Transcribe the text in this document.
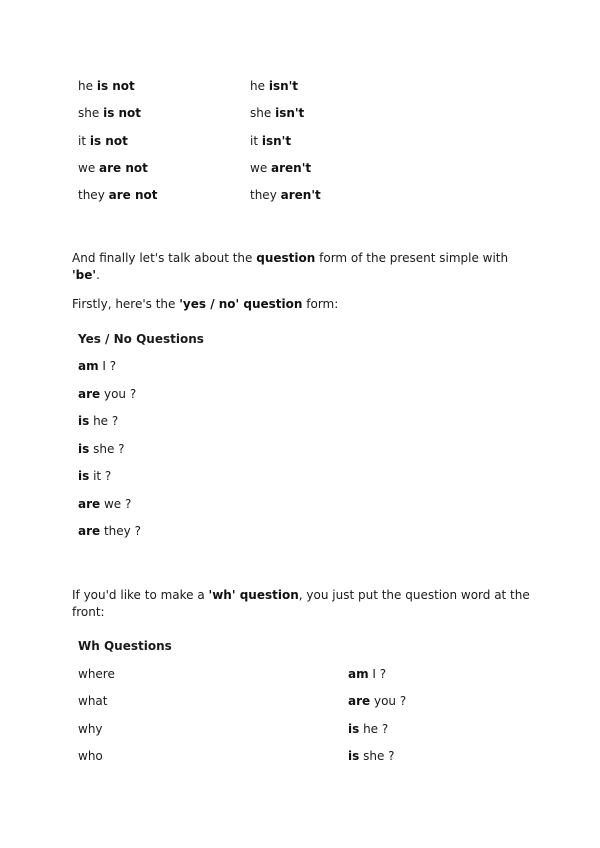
he is not	he isn't
she is not	she isn't
it is not	it isn't
we are not	we aren't
they are not	they aren't

And finally let's talk about the question form of the present simple with 'be'.

Firstly, here's the 'yes / no' question form:

Yes / No Questions
am I ?
are you ?
is he ?
is she ?
is it ?
are we ?
are they ?

If you'd like to make a 'wh' question, you just put the question word at the front:

Wh Questions
where	am I ?
what	are you ?
why	is he ?
who	is she ?
